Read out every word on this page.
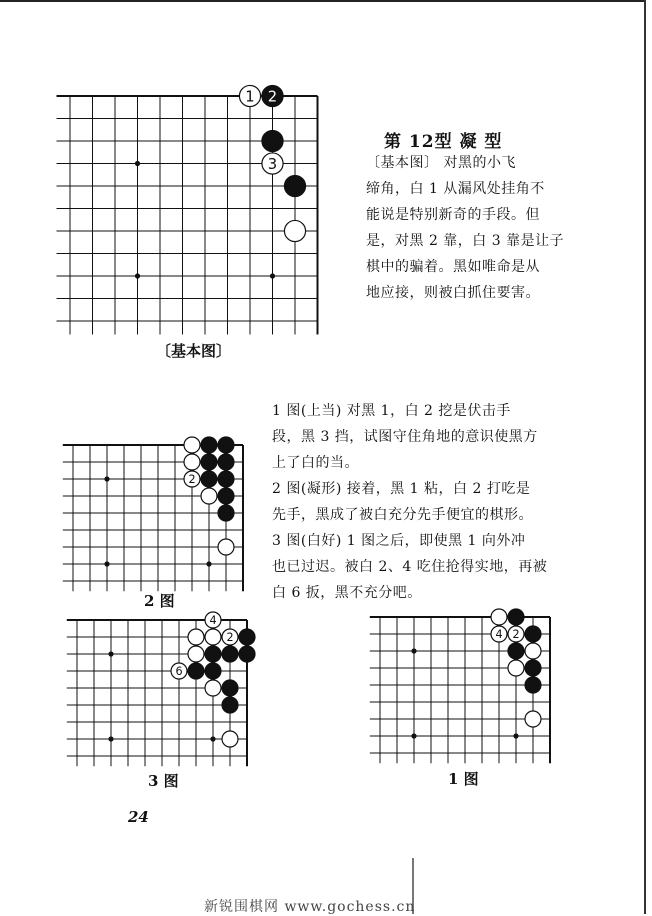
1 2
3
2
4
2
6
4 2
〔基本图〕
2 图
3 图	1 图
第 12型 凝 型
〔基本图〕 对黑的小飞
缔角，白 1 从漏风处挂角不
能说是特别新奇的手段。但
是，对黑 2 靠，白 3 靠是让子
棋中的骗着。黑如唯命是从
地应接，则被白抓住要害。
1 图(上当) 对黑 1，白 2 挖是伏击手
段，黑 3 挡，试图守住角地的意识使黑方
上了白的当。
2 图(凝形) 接着，黑 1 粘，白 2 打吃是
先手，黑成了被白充分先手便宜的棋形。
3 图(白好) 1 图之后，即使黑 1 向外冲
也已过迟。被白 2、4 吃住抢得实地，再被
白 6 扳，黑不充分吧。
24
新锐围棋网 www.gochess.cn
